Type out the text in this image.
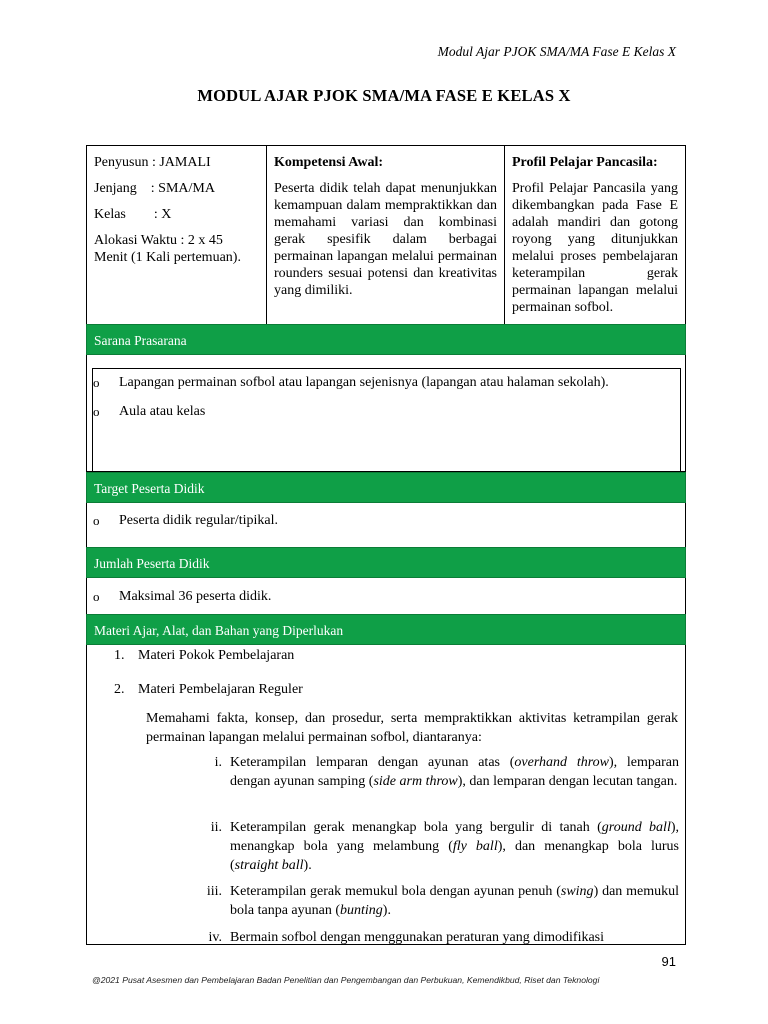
Modul Ajar PJOK SMA/MA Fase E Kelas X
MODUL AJAR PJOK SMA/MA FASE E KELAS X

Penyusun : JAMALI

Jenjang    : SMA/MA

Kelas        : X

Alokasi Waktu : 2 x 45 Menit (1 Kali pertemuan).

Kompetensi Awal:

Peserta didik telah dapat menunjukkan kemampuan dalam mempraktikkan dan memahami variasi dan kombinasi gerak spesifik dalam berbagai permainan lapangan melalui permainan rounders sesuai potensi dan kreativitas yang dimiliki.

Profil Pelajar Pancasila:

Profil Pelajar Pancasila yang dikembangkan pada Fase E adalah mandiri dan gotong royong yang ditunjukkan melalui proses pembelajaran keterampilan gerak permainan lapangan melalui permainan sofbol.

Sarana Prasarana
o Lapangan permainan sofbol atau lapangan sejenisnya (lapangan atau halaman sekolah).
o Aula atau kelas
Target Peserta Didik
o Peserta didik regular/tipikal.
Jumlah Peserta Didik
o Maksimal 36 peserta didik.
Materi Ajar, Alat, dan Bahan yang Diperlukan
1. Materi Pokok Pembelajaran
2. Materi Pembelajaran Reguler

Memahami fakta, konsep, dan prosedur, serta mempraktikkan aktivitas ketrampilan gerak permainan lapangan melalui permainan sofbol, diantaranya:

i. Keterampilan lemparan dengan ayunan atas (overhand throw), lemparan dengan ayunan samping (side arm throw), dan lemparan dengan lecutan tangan.
ii. Keterampilan gerak menangkap bola yang bergulir di tanah (ground ball), menangkap bola yang melambung (fly ball), dan menangkap bola lurus (straight ball).
iii. Keterampilan gerak memukul bola dengan ayunan penuh (swing) dan memukul bola tanpa ayunan (bunting).
iv. Bermain sofbol dengan menggunakan peraturan yang dimodifikasi
91
@2021 Pusat Asesmen dan Pembelajaran Badan Penelitian dan Pengembangan dan Perbukuan, Kemendikbud, Riset dan Teknologi
